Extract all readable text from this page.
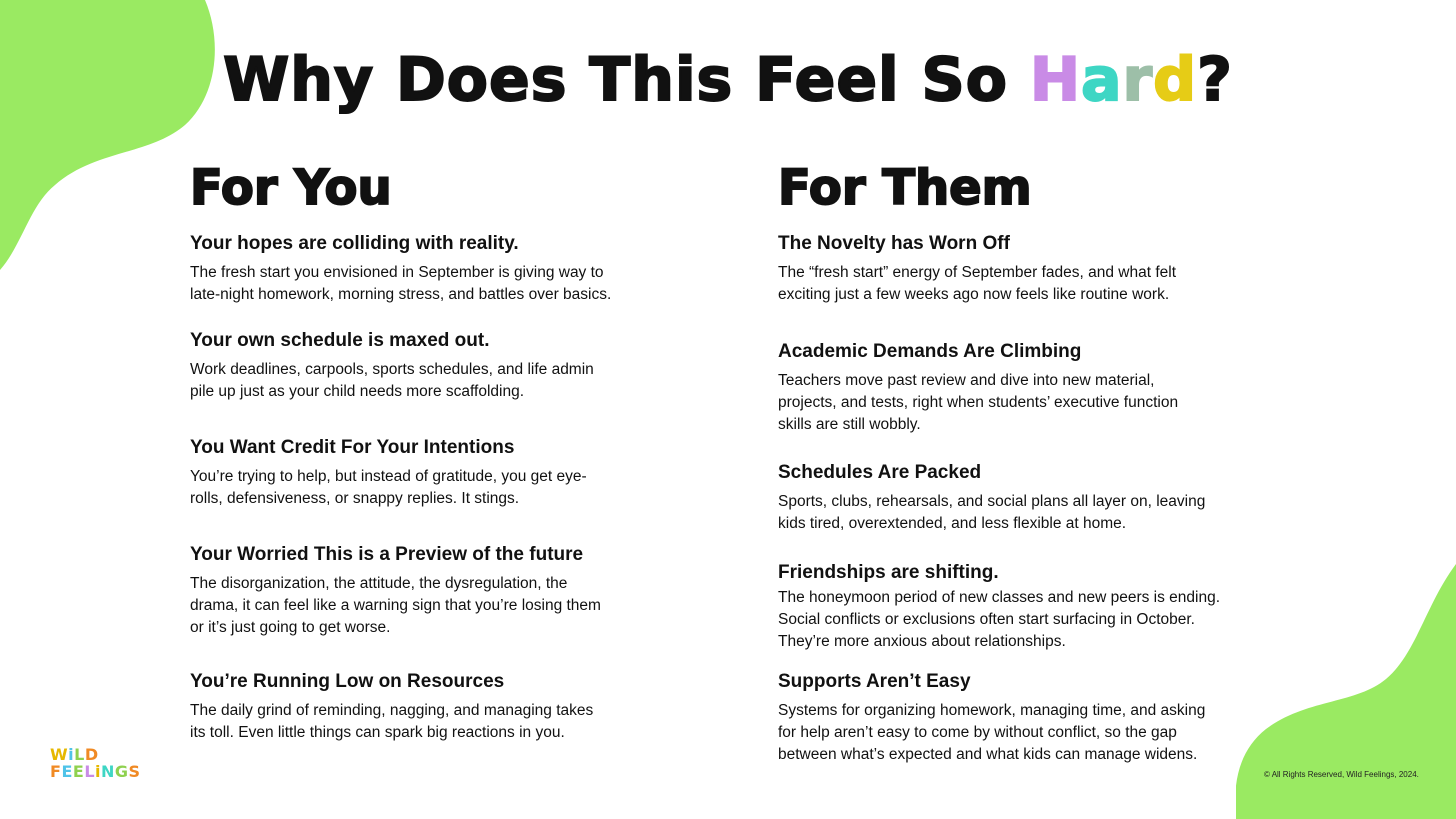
Why Does This Feel So Hard?
For You
Your hopes are colliding with reality.

The fresh start you envisioned in September is giving way to
late-night homework, morning stress, and battles over basics.

Your own schedule is maxed out.

Work deadlines, carpools, sports schedules, and life admin
pile up just as your child needs more scaffolding.

You Want Credit For Your Intentions

You’re trying to help, but instead of gratitude, you get eye-
rolls, defensiveness, or snappy replies. It stings.

Your Worried This is a Preview of the future

The disorganization, the attitude, the dysregulation, the
drama, it can feel like a warning sign that you’re losing them
or it’s just going to get worse.

You’re Running Low on Resources

The daily grind of reminding, nagging, and managing takes
its toll. Even little things can spark big reactions in you.

For Them
The Novelty has Worn Off

The “fresh start” energy of September fades, and what felt
exciting just a few weeks ago now feels like routine work.

Academic Demands Are Climbing

Teachers move past review and dive into new material,
projects, and tests, right when students’ executive function
skills are still wobbly.

Schedules Are Packed

Sports, clubs, rehearsals, and social plans all layer on, leaving
kids tired, overextended, and less flexible at home.

Friendships are shifting.

The honeymoon period of new classes and new peers is ending.
Social conflicts or exclusions often start surfacing in October.
They’re more anxious about relationships.

Supports Aren’t Easy

Systems for organizing homework, managing time, and asking
for help aren’t easy to come by without conflict, so the gap
between what’s expected and what kids can manage widens.

WiLD
FEELiNGS	© All Rights Reserved, Wild Feelings, 2024.
